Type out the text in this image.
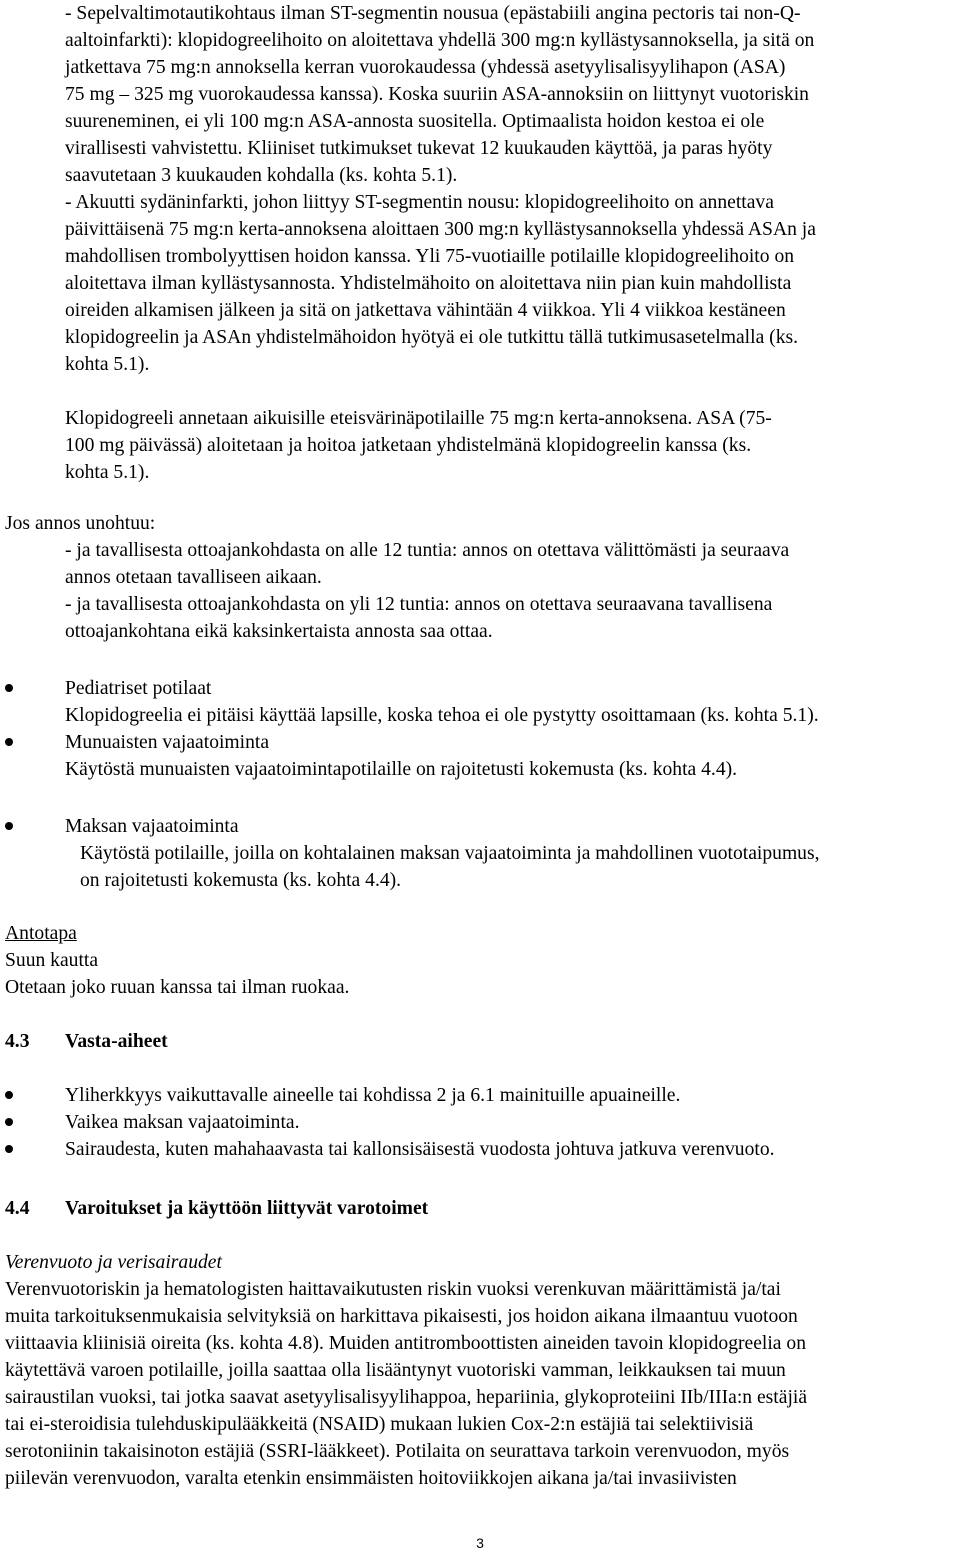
- Sepelvaltimotautikohtaus ilman ST-segmentin nousua (epästabiili angina pectoris tai non-Q-
aaltoinfarkti): klopidogreelihoito on aloitettava yhdellä 300 mg:n kyllästysannoksella, ja sitä on
jatkettava 75 mg:n annoksella kerran vuorokaudessa (yhdessä asetyylisalisyylihapon (ASA)
75 mg – 325 mg vuorokaudessa kanssa). Koska suuriin ASA-annoksiin on liittynyt vuotoriskin
suureneminen, ei yli 100 mg:n ASA-annosta suositella. Optimaalista hoidon kestoa ei ole
virallisesti vahvistettu. Kliiniset tutkimukset tukevat 12 kuukauden käyttöä, ja paras hyöty
saavutetaan 3 kuukauden kohdalla (ks. kohta 5.1).
- Akuutti sydäninfarkti, johon liittyy ST-segmentin nousu: klopidogreelihoito on annettava
päivittäisenä 75 mg:n kerta-annoksena aloittaen 300 mg:n kyllästysannoksella yhdessä ASAn ja
mahdollisen trombolyyttisen hoidon kanssa. Yli 75-vuotiaille potilaille klopidogreelihoito on
aloitettava ilman kyllästysannosta. Yhdistelmähoito on aloitettava niin pian kuin mahdollista
oireiden alkamisen jälkeen ja sitä on jatkettava vähintään 4 viikkoa. Yli 4 viikkoa kestäneen
klopidogreelin ja ASAn yhdistelmähoidon hyötyä ei ole tutkittu tällä tutkimusasetelmalla (ks.
kohta 5.1).
Klopidogreeli annetaan aikuisille eteisvärinäpotilaille 75 mg:n kerta-annoksena. ASA (75-
100 mg päivässä) aloitetaan ja hoitoa jatketaan yhdistelmänä klopidogreelin kanssa (ks.
kohta 5.1).
Jos annos unohtuu:
- ja tavallisesta ottoajankohdasta on alle 12 tuntia: annos on otettava välittömästi ja seuraava
annos otetaan tavalliseen aikaan.
- ja tavallisesta ottoajankohdasta on yli 12 tuntia: annos on otettava seuraavana tavallisena
ottoajankohtana eikä kaksinkertaista annosta saa ottaa.
Pediatriset potilaat
Klopidogreelia ei pitäisi käyttää lapsille, koska tehoa ei ole pystytty osoittamaan (ks. kohta 5.1).
Munuaisten vajaatoiminta
Käytöstä munuaisten vajaatoimintapotilaille on rajoitetusti kokemusta (ks. kohta 4.4).
Maksan vajaatoiminta
Käytöstä potilaille, joilla on kohtalainen maksan vajaatoiminta ja mahdollinen vuototaipumus,
on rajoitetusti kokemusta (ks. kohta 4.4).
Antotapa
Suun kautta
Otetaan joko ruuan kanssa tai ilman ruokaa.
4.3 Vasta-aiheet
Yliherkkyys vaikuttavalle aineelle tai kohdissa 2 ja 6.1 mainituille apuaineille.
Vaikea maksan vajaatoiminta.
Sairaudesta, kuten mahahaavasta tai kallonsisäisestä vuodosta johtuva jatkuva verenvuoto.
4.4 Varoitukset ja käyttöön liittyvät varotoimet
Verenvuoto ja verisairaudet
Verenvuotoriskin ja hematologisten haittavaikutusten riskin vuoksi verenkuvan määrittämistä ja/tai
muita tarkoituksenmukaisia selvityksiä on harkittava pikaisesti, jos hoidon aikana ilmaantuu vuotoon
viittaavia kliinisiä oireita (ks. kohta 4.8). Muiden antitromboottisten aineiden tavoin klopidogreelia on
käytettävä varoen potilaille, joilla saattaa olla lisääntynyt vuotoriski vamman, leikkauksen tai muun
sairaustilan vuoksi, tai jotka saavat asetyylisalisyylihappoa, hepariinia, glykoproteiini IIb/IIIa:n estäjiä
tai ei-steroidisia tulehduskipulääkkeitä (NSAID) mukaan lukien Cox-2:n estäjiä tai selektiivisiä
serotoniinin takaisinoton estäjiä (SSRI-lääkkeet). Potilaita on seurattava tarkoin verenvuodon, myös
piilevän verenvuodon, varalta etenkin ensimmäisten hoitoviikkojen aikana ja/tai invasiivisten
3
